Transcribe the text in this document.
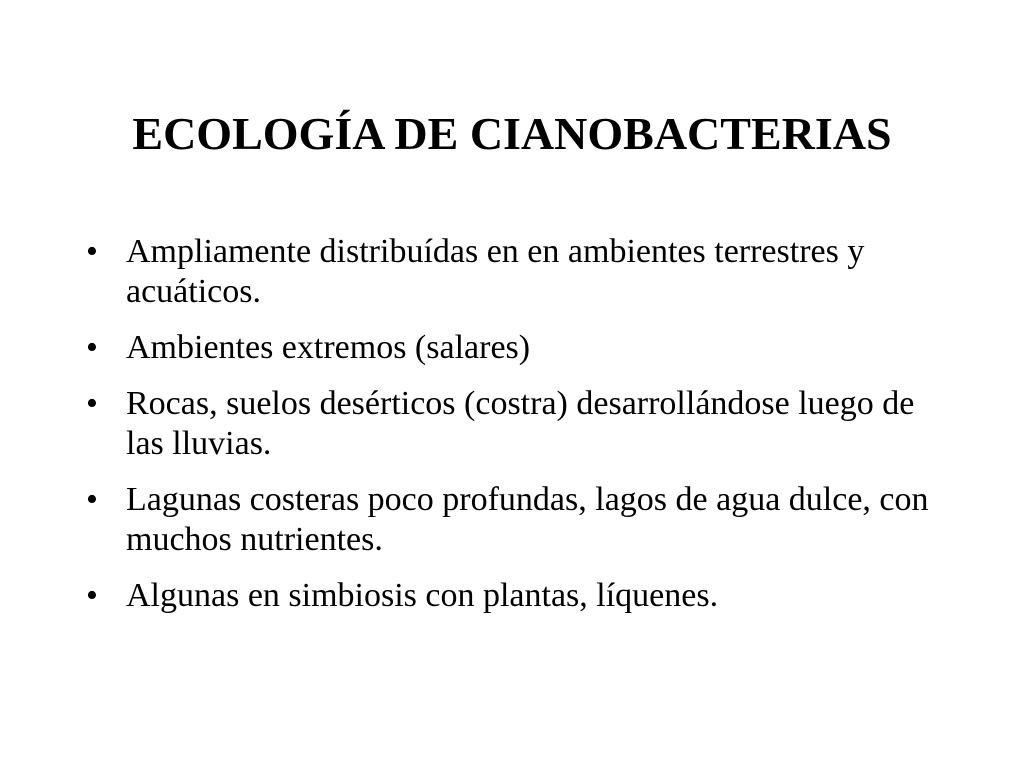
ECOLOGÍA DE CIANOBACTERIAS
• Ampliamente distribuídas en en ambientes terrestres y acuáticos.
• Ambientes extremos (salares)
• Rocas, suelos desérticos (costra) desarrollándose luego de las lluvias.
• Lagunas costeras poco profundas, lagos de agua dulce, con muchos nutrientes.
• Algunas en simbiosis con plantas, líquenes.
